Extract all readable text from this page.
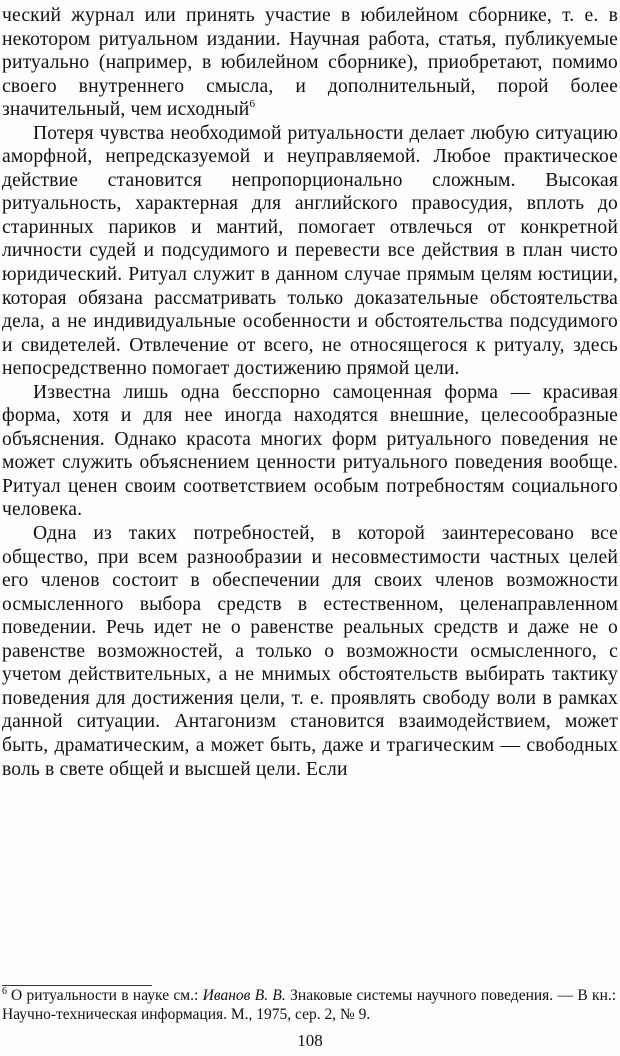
ческий журнал или принять участие в юбилейном сборнике, т. е. в некотором ритуальном издании. Научная работа, статья, публикуемые ритуально (например, в юбилейном сборнике), приобретают, помимо своего внутреннего смысла, и дополнительный, порой более значительный, чем исходный$^6$

Потеря чувства необходимой ритуальности делает любую ситуацию аморфной, непредсказуемой и неуправляемой. Любое практическое действие становится непропорционально сложным. Высокая ритуальность, характерная для английского правосудия, вплоть до старинных париков и мантий, помогает отвлечься от конкретной личности судей и подсудимого и перевести все действия в план чисто юридический. Ритуал служит в данном случае прямым целям юстиции, которая обязана рассматривать только доказательные обстоятельства дела, а не индивидуальные особенности и обстоятельства подсудимого и свидетелей. Отвлечение от всего, не относящегося к ритуалу, здесь непосредственно помогает достижению прямой цели.

Известна лишь одна бесспорно самоценная форма — красивая форма, хотя и для нее иногда находятся внешние, целесообразные объяснения. Однако красота многих форм ритуального поведения не может служить объяснением ценности ритуального поведения вообще. Ритуал ценен своим соответствием особым потребностям социального человека.

Одна из таких потребностей, в которой заинтересовано все общество, при всем разнообразии и несовместимости частных целей его членов состоит в обеспечении для своих членов возможности осмысленного выбора средств в естественном, целенаправленном поведении. Речь идет не о равенстве реальных средств и даже не о равенстве возможностей, а только о возможности осмысленного, с учетом действительных, а не мнимых обстоятельств выбирать тактику поведения для достижения цели, т. е. проявлять свободу воли в рамках данной ситуации. Антагонизм становится взаимодействием, может быть, драматическим, а может быть, даже и трагическим — свободных воль в свете общей и высшей цели. Если

$^6$ О ритуальности в науке см.: Иванов В. В. Знаковые системы научного поведения. — В кн.: Научно-техническая информация. М., 1975, сер. 2, № 9.
108
